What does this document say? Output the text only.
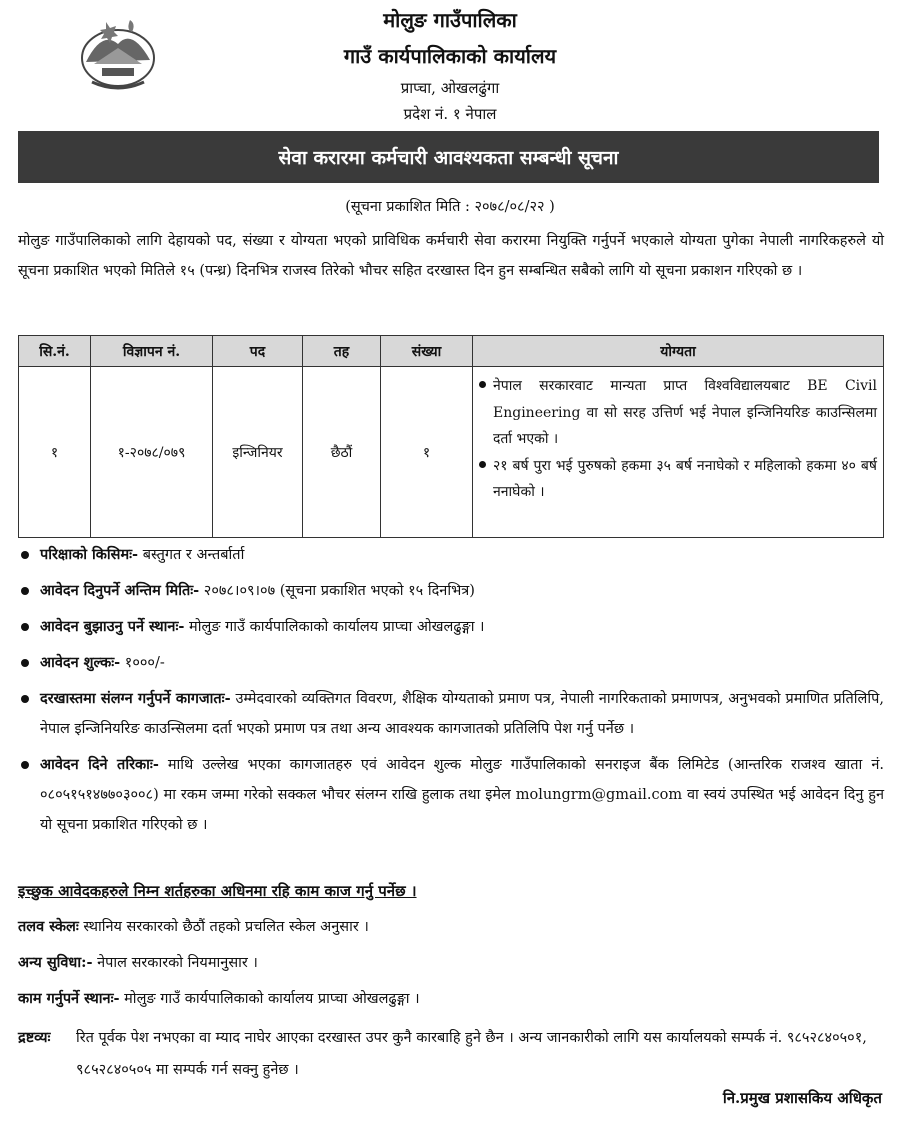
मोलुङ गाउँपालिका
गाउँ कार्यपालिकाको कार्यालय
प्राप्चा, ओखलढुंगा
प्रदेश नं. १ नेपाल
सेवा करारमा कर्मचारी आवश्यकता सम्बन्धी सूचना
(सूचना प्रकाशित मिति : २०७८/०८/२२ )

मोलुङ गाउँपालिकाको लागि देहायको पद, संख्या र योग्यता भएको प्राविधिक कर्मचारी सेवा करारमा नियुक्ति गर्नुपर्ने भएकाले योग्यता पुगेका नेपाली नागरिकहरुले यो सूचना प्रकाशित भएको मितिले १५ (पन्ध्र) दिनभित्र राजस्व तिरेको भौचर सहित दरखास्त दिन हुन सम्बन्धित सबैको लागि यो सूचना प्रकाशन गरिएको छ ।

सि.नं.	विज्ञापन नं.	पद	तह	संख्या	योग्यता
१	१-२०७८/०७९	इन्जिनियर	छैठौं	१	नेपाल सरकारवाट मान्यता प्राप्त विश्वविद्यालयबाट BE Civil Engineering वा सो सरह उत्तिर्ण भई नेपाल इन्जिनियरिङ काउन्सिलमा दर्ता भएको ।
२१ बर्ष पुरा भई पुरुषको हकमा ३५ बर्ष ननाघेको र महिलाको हकमा ४० बर्ष ननाघेको ।
परिक्षाको किसिमः- बस्तुगत र अन्तर्बार्ता
आवेदन दिनुपर्ने अन्तिम मितिः- २०७८।०९।०७ (सूचना प्रकाशित भएको १५ दिनभित्र)
आवेदन बुझाउनु पर्ने स्थानः- मोलुङ गाउँ कार्यपालिकाको कार्यालय प्राप्चा ओखलढुङ्गा ।
आवेदन शुल्कः- १०००/-
दरखास्तमा संलग्न गर्नुपर्ने कागजातः- उम्मेदवारको व्यक्तिगत विवरण, शैक्षिक योग्यताको प्रमाण पत्र, नेपाली नागरिकताको प्रमाणपत्र, अनुभवको प्रमाणित प्रतिलिपि, नेपाल इन्जिनियरिङ काउन्सिलमा दर्ता भएको प्रमाण पत्र तथा अन्य आवश्यक कागजातको प्रतिलिपि पेश गर्नु पर्नेछ ।
आवेदन दिने तरिकाः- माथि उल्लेख भएका कागजातहरु एवं आवेदन शुल्क मोलुङ गाउँपालिकाको सनराइज बैंक लिमिटेड (आन्तरिक राजश्व खाता नं. ०८०५१५१४७७०३००८) मा रकम जम्मा गरेको सक्कल भौचर संलग्न राखि हुलाक तथा इमेल molungrm@gmail.com वा स्वयं उपस्थित भई आवेदन दिनु हुन यो सूचना प्रकाशित गरिएको छ ।
इच्छुक आवेदकहरुले निम्न शर्तहरुका अधिनमा रहि काम काज गर्नु पर्नेछ ।
तलव स्केलः स्थानिय सरकारको छैठौं तहको प्रचलित स्केल अनुसार ।
अन्य सुविधा:- नेपाल सरकारको नियमानुसार ।
काम गर्नुपर्ने स्थानः- मोलुङ गाउँ कार्यपालिकाको कार्यालय प्राप्चा ओखलढुङ्गा ।
द्रष्टव्यः	रित पूर्वक पेश नभएका वा म्याद नाघेर आएका दरखास्त उपर कुनै कारबाहि हुने छैन । अन्य जानकारीको लागि यस कार्यालयको सम्पर्क नं. ९८५२८४०५०१, ९८५२८४०५०५ मा सम्पर्क गर्न सक्नु हुनेछ ।
नि.प्रमुख प्रशासकिय अधिकृत
